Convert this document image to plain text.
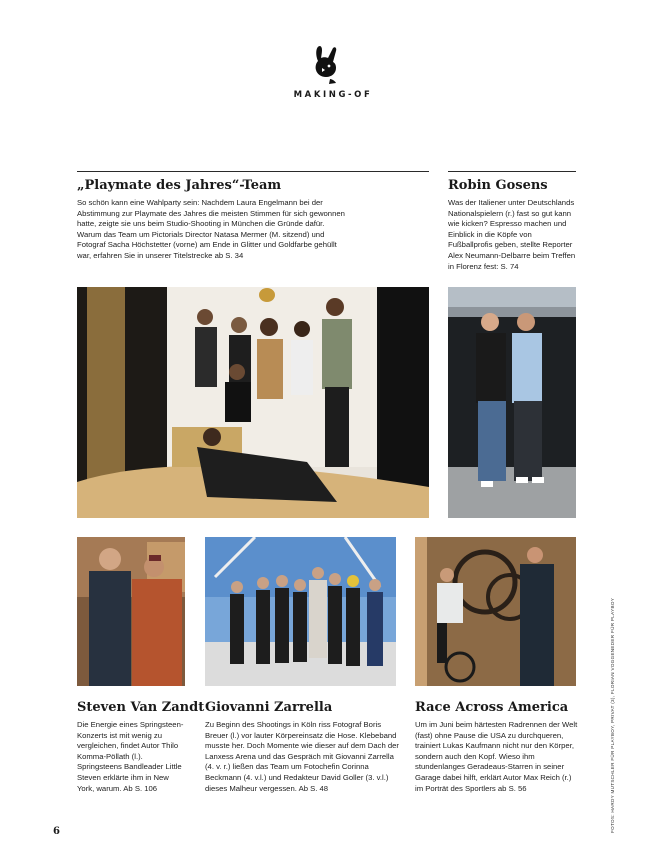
MAKING-OF
„Playmate des Jahres“-Team
So schön kann eine Wahlparty sein: Nachdem Laura Engelmann bei der Abstimmung zur Playmate des Jahres die meisten Stimmen für sich gewonnen hatte, zeigte sie uns beim Studio-Shooting in München die Gründe dafür. Warum das Team um Pictorials Director Natasa Mermer (M. sitzend) und Fotograf Sacha Höchstetter (vorne) am Ende in Glitter und Goldfarbe gehüllt war, erfahren Sie in unserer Titelstrecke ab S. 34
Robin Gosens
Was der Italiener unter Deutschlands Nationalspielern (r.) fast so gut kann wie kicken? Espresso machen und Einblick in die Köpfe von Fußballprofis geben, stellte Reporter Alex Neumann-Delbarre beim Treffen in Florenz fest: S. 74
Steven Van Zandt
Die Energie eines Springsteen-Konzerts ist mit wenig zu vergleichen, findet Autor Thilo Komma-Pöllath (l.). Springsteens Bandleader Little Steven erklärte ihm in New York, warum. Ab S. 106
Giovanni Zarrella
Zu Beginn des Shootings in Köln riss Fotograf Boris Breuer (l.) vor lauter Körpereinsatz die Hose. Klebeband musste her. Doch Momente wie dieser auf dem Dach der Lanxess Arena und das Gespräch mit Giovanni Zarrella (4. v. r.) ließen das Team um Fotochefin Corinna Beckmann (4. v.l.) und Redakteur David Goller (3. v.l.) dieses Malheur vergessen. Ab S. 48
Race Across America
Um im Juni beim härtesten Radrennen der Welt (fast) ohne Pause die USA zu durchqueren, trainiert Lukas Kaufmann nicht nur den Körper, sondern auch den Kopf. Wieso ihm stundenlanges Geradeaus-Starren in seiner Garage dabei hilft, erklärt Autor Max Reich (r.) im Porträt des Sportlers ab S. 56
6	FOTOS: HARDY MUTSCHLER FÜR PLAYBOY, PRIVAT (3), FLORIAN VOGGENEDER FÜR PLAYBOY
